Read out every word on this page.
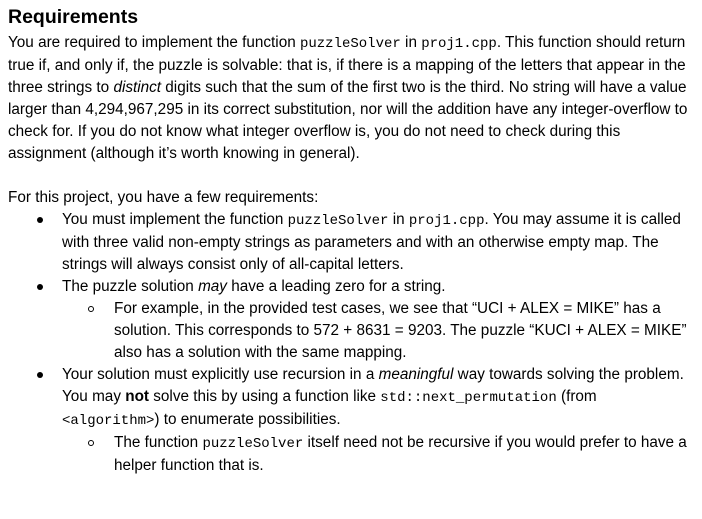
Requirements

You are required to implement the function puzzleSolver in proj1.cpp. This function should return true if, and only if, the puzzle is solvable: that is, if there is a mapping of the letters that appear in the three strings to distinct digits such that the sum of the first two is the third. No string will have a value larger than 4,294,967,295 in its correct substitution, nor will the addition have any integer-overflow to check for. If you do not know what integer overflow is, you do not need to check during this assignment (although it’s worth knowing in general).

For this project, you have a few requirements:

You must implement the function puzzleSolver in proj1.cpp. You may assume it is called with three valid non-empty strings as parameters and with an otherwise empty map. The strings will always consist only of all-capital letters.
The puzzle solution may have a leading zero for a string.
For example, in the provided test cases, we see that “UCI + ALEX = MIKE” has a solution. This corresponds to 572 + 8631 = 9203. The puzzle “KUCI + ALEX = MIKE” also has a solution with the same mapping.
Your solution must explicitly use recursion in a meaningful way towards solving the problem. You may not solve this by using a function like std::next_permutation (from <algorithm>) to enumerate possibilities.
The function puzzleSolver itself need not be recursive if you would prefer to have a helper function that is.
